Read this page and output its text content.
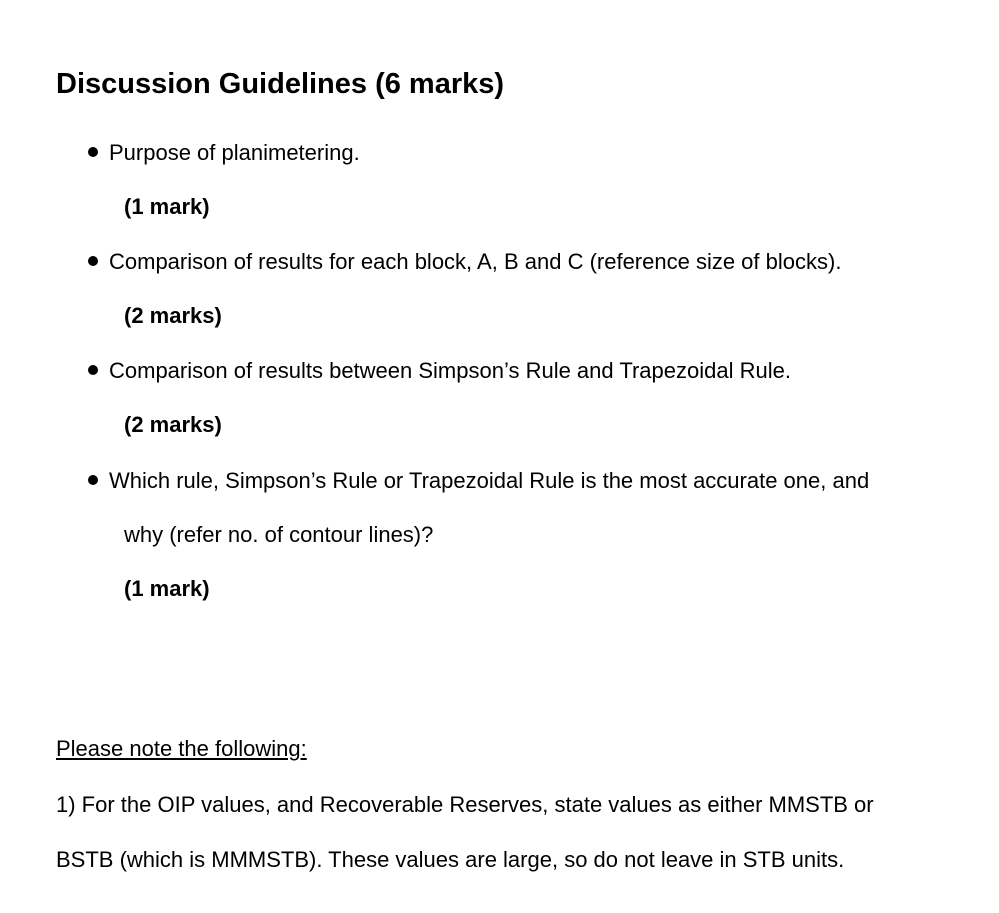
Discussion Guidelines (6 marks)
Purpose of planimetering.
(1 mark)
Comparison of results for each block, A, B and C (reference size of blocks).
(2 marks)
Comparison of results between Simpson’s Rule and Trapezoidal Rule.
(2 marks)
Which rule, Simpson’s Rule or Trapezoidal Rule is the most accurate one, and
why (refer no. of contour lines)?
(1 mark)
Please note the following:
1) For the OIP values, and Recoverable Reserves, state values as either MMSTB or
BSTB (which is MMMSTB). These values are large, so do not leave in STB units.
